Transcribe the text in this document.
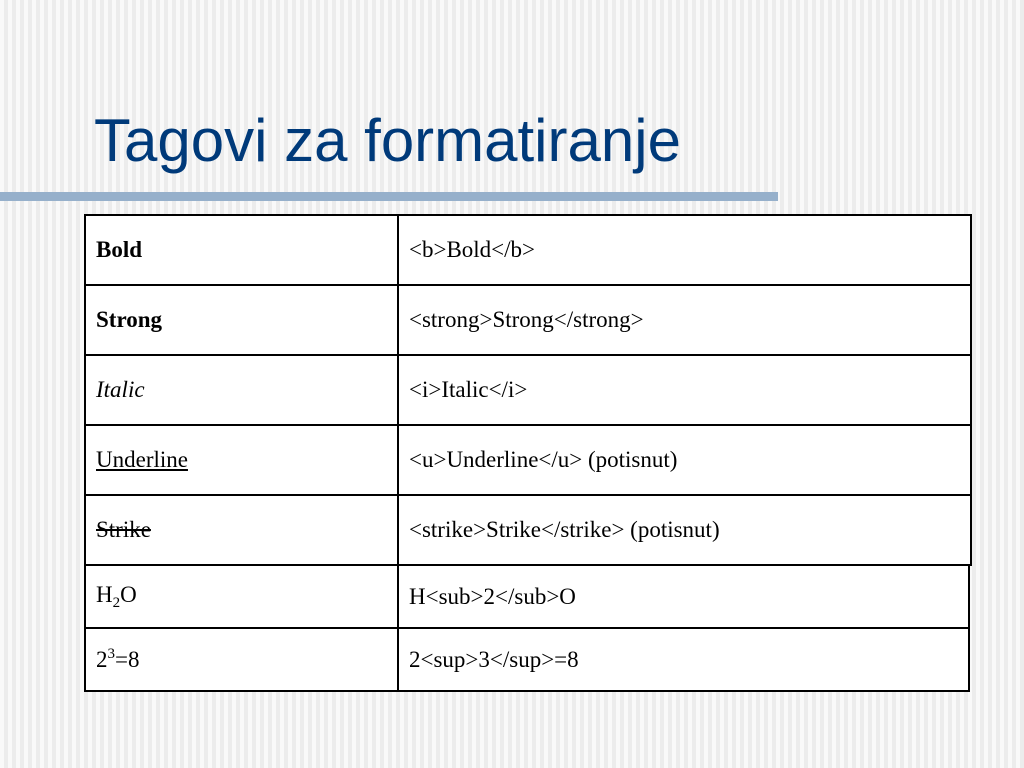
Tagovi za formatiranje
Bold	<b>Bold</b>
Strong	<strong>Strong</strong>
Italic	<i>Italic</i>
Underline	<u>Underline</u> (potisnut)
Strike	<strike>Strike</strike> (potisnut)
$H_2O$	H<sub>2</sub>O
$2^3=8$	2<sup>3</sup>=8
